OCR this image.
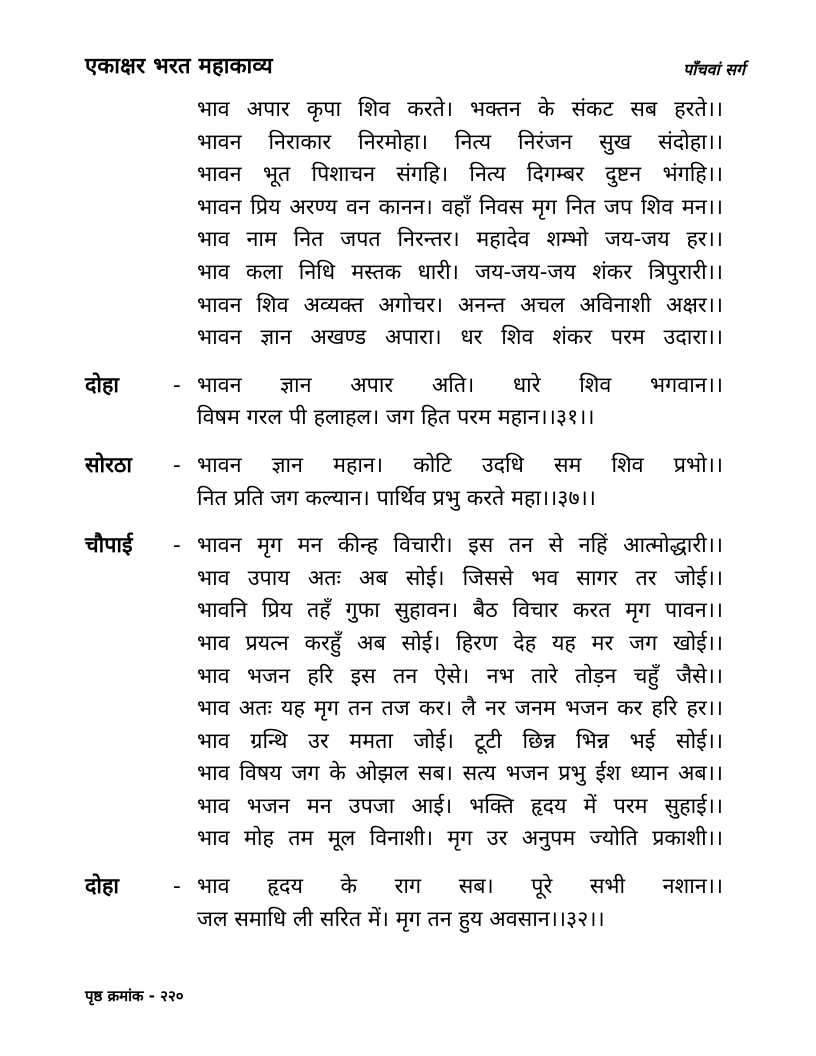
एकाक्षर भरत महाकाव्य	पाँचवां सर्ग
भाव अपार कृपा शिव करते। भक्तन के संकट सब हरते।।
भावन निराकार निरमोहा। नित्य निरंजन सुख संदोहा।।
भावन भूत पिशाचन संगहि। नित्य दिगम्बर दुष्टन भंगहि।।
भावन प्रिय अरण्य वन कानन। वहाँ निवस मृग नित जप शिव मन।।
भाव नाम नित जपत निरन्तर। महादेव शम्भो जय-जय हर।।
भाव कला निधि मस्तक धारी। जय-जय-जय शंकर त्रिपुरारी।।
भावन शिव अव्यक्त अगोचर। अनन्त अचल अविनाशी अक्षर।।
भावन ज्ञान अखण्ड अपारा। धर शिव शंकर परम उदारा।।
दोहा	- भावन ज्ञान अपार अति। धारे शिव भगवान।।
विषम गरल पी हलाहल। जग हित परम महान।।३१।।
सोरठा	- भावन ज्ञान महान। कोटि उदधि सम शिव प्रभो।।
नित प्रति जग कल्यान। पार्थिव प्रभु करते महा।।३७।।
चौपाई	- भावन मृग मन कीन्ह विचारी। इस तन से नहिं आत्मोद्धारी।।
भाव उपाय अतः अब सोई। जिससे भव सागर तर जोई।।
भावनि प्रिय तहँ गुफा सुहावन। बैठ विचार करत मृग पावन।।
भाव प्रयत्न करहुँ अब सोई। हिरण देह यह मर जग खोई।।
भाव भजन हरि इस तन ऐसे। नभ तारे तोड़न चहुँ जैसे।।
भाव अतः यह मृग तन तज कर। लै नर जनम भजन कर हरि हर।।
भाव ग्रन्थि उर ममता जोई। टूटी छिन्न भिन्न भई सोई।।
भाव विषय जग के ओझल सब। सत्य भजन प्रभु ईश ध्यान अब।।
भाव भजन मन उपजा आई। भक्ति हृदय में परम सुहाई।।
भाव मोह तम मूल विनाशी। मृग उर अनुपम ज्योति प्रकाशी।।
दोहा	- भाव हृदय के राग सब। पूरे सभी नशान।।
जल समाधि ली सरित में। मृग तन हुय अवसान।।३२।।
पृष्ठ क्रमांक - २२०
